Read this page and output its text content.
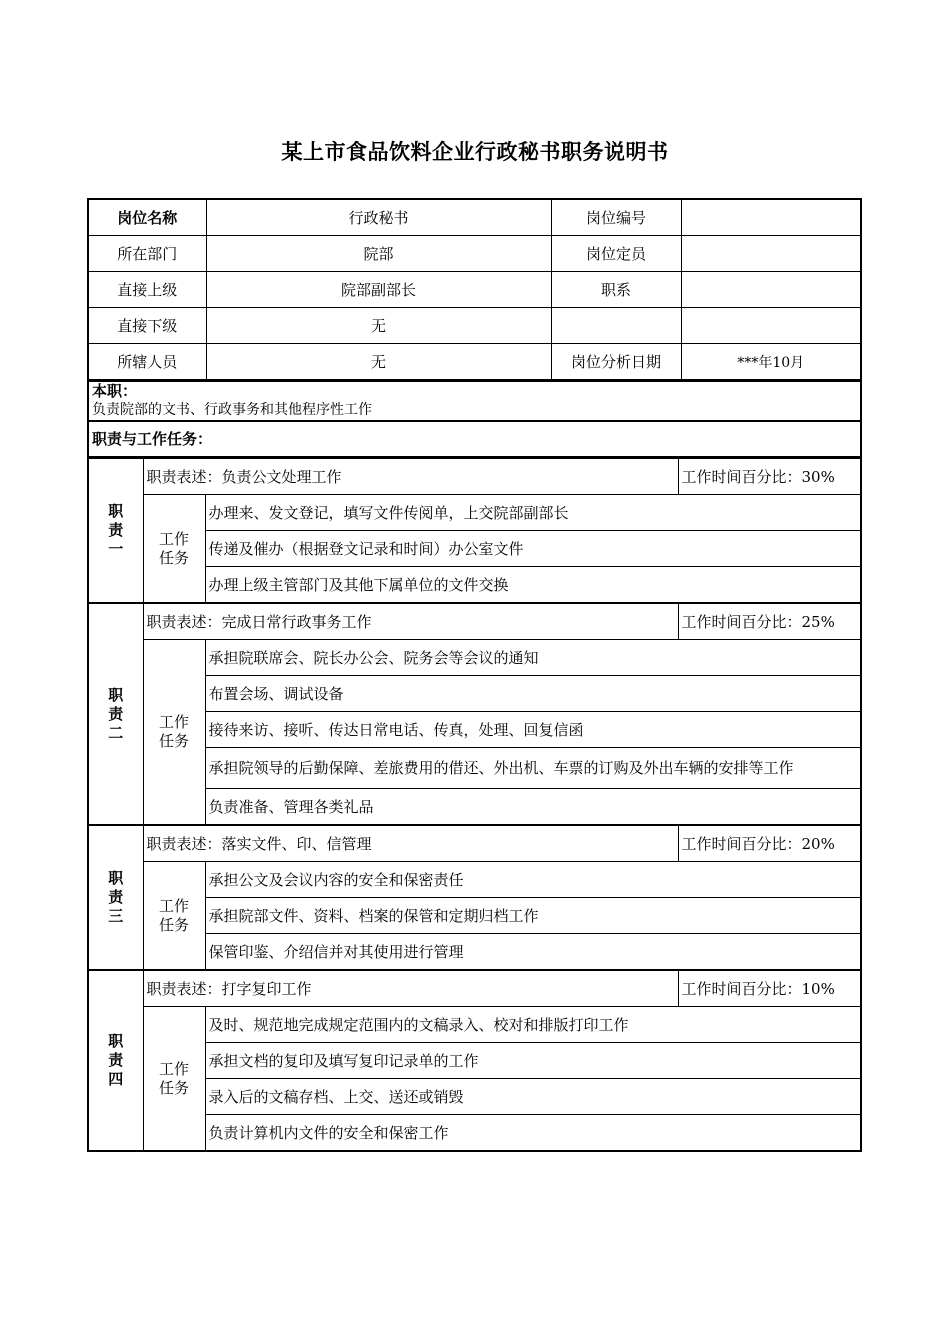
某上市食品饮料企业行政秘书职务说明书
岗位名称	行政秘书	岗位编号	
所在部门	院部	岗位定员	
直接上级	院部副部长	职系	
直接下级	无		
所辖人员	无	岗位分析日期	***年10月
本职：
负责院部的文书、行政事务和其他程序性工作
职责与工作任务：
职
责
一	职责表述：负责公文处理工作		工作时间百分比：30%
	工作
任务	办理来、发文登记，填写文件传阅单，上交院部副部长	
		传递及催办（根据登文记录和时间）办公室文件	
		办理上级主管部门及其他下属单位的文件交换	
职
责
二	职责表述：完成日常行政事务工作		工作时间百分比：25%
	工作
任务	承担院联席会、院长办公会、院务会等会议的通知	
		布置会场、调试设备	
		接待来访、接听、传达日常电话、传真，处理、回复信函	
		承担院领导的后勤保障、差旅费用的借还、外出机、车票的订购及外出车辆的安排等工作	
		负责准备、管理各类礼品	
职
责
三	职责表述：落实文件、印、信管理		工作时间百分比：20%
	工作
任务	承担公文及会议内容的安全和保密责任	
		承担院部文件、资料、档案的保管和定期归档工作	
		保管印鉴、介绍信并对其使用进行管理	
职
责
四	职责表述：打字复印工作		工作时间百分比：10%
	工作
任务	及时、规范地完成规定范围内的文稿录入、校对和排版打印工作	
		承担文档的复印及填写复印记录单的工作	
		录入后的文稿存档、上交、送还或销毁	
		负责计算机内文件的安全和保密工作	
